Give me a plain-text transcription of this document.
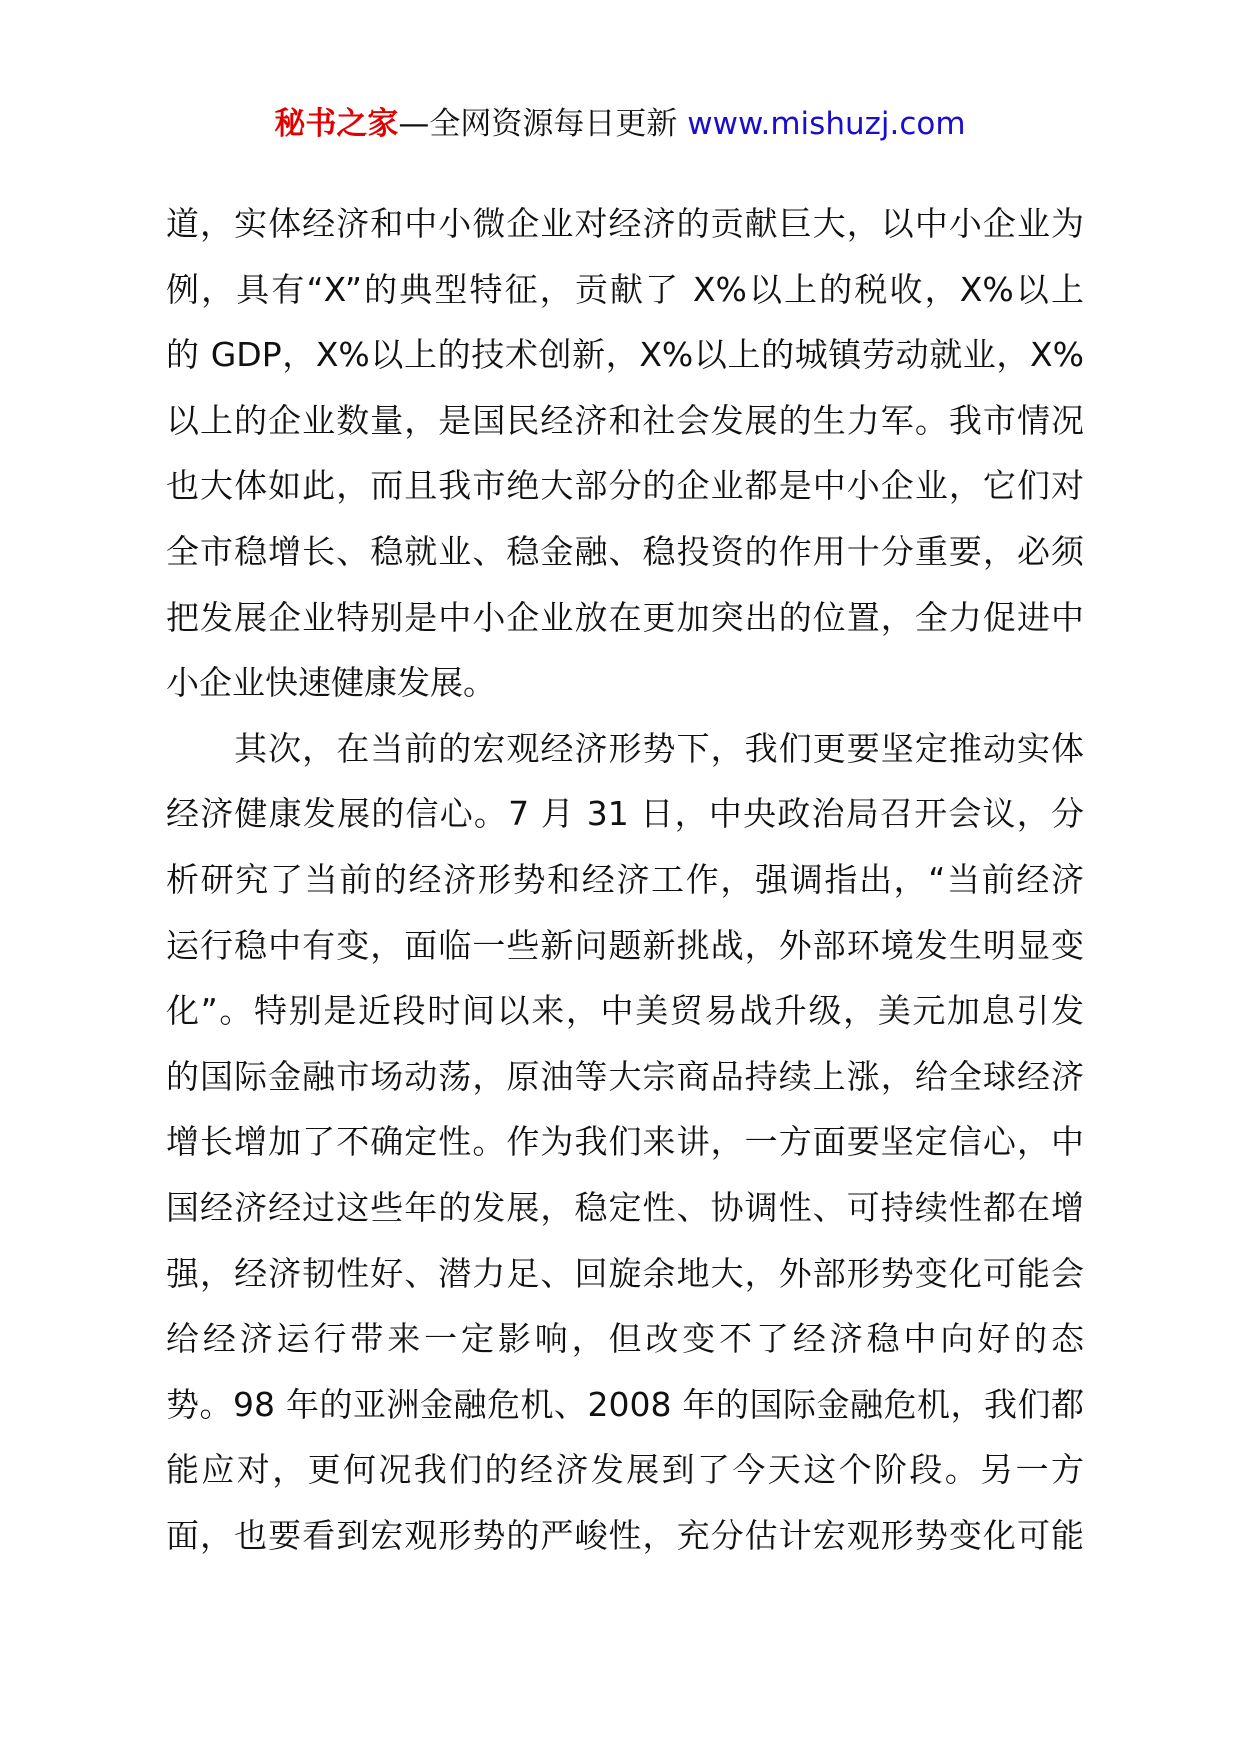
秘书之家—全网资源每日更新 www.mishuzj.com
道，实体经济和中小微企业对经济的贡献巨大，以中小企业为
例，具有“X”的典型特征，贡献了 X%以上的税收，X%以上
的 GDP，X%以上的技术创新，X%以上的城镇劳动就业，X%
以上的企业数量，是国民经济和社会发展的生力军。我市情况
也大体如此，而且我市绝大部分的企业都是中小企业，它们对
全市稳增长、稳就业、稳金融、稳投资的作用十分重要，必须
把发展企业特别是中小企业放在更加突出的位置，全力促进中
小企业快速健康发展。
　　其次，在当前的宏观经济形势下，我们更要坚定推动实体
经济健康发展的信心。7 月 31 日，中央政治局召开会议，分
析研究了当前的经济形势和经济工作，强调指出，“当前经济
运行稳中有变，面临一些新问题新挑战，外部环境发生明显变
化”。特别是近段时间以来，中美贸易战升级，美元加息引发
的国际金融市场动荡，原油等大宗商品持续上涨，给全球经济
增长增加了不确定性。作为我们来讲，一方面要坚定信心，中
国经济经过这些年的发展，稳定性、协调性、可持续性都在增
强，经济韧性好、潜力足、回旋余地大，外部形势变化可能会
给经济运行带来一定影响，但改变不了经济稳中向好的态
势。98 年的亚洲金融危机、2008 年的国际金融危机，我们都
能应对，更何况我们的经济发展到了今天这个阶段。另一方
面，也要看到宏观形势的严峻性，充分估计宏观形势变化可能
